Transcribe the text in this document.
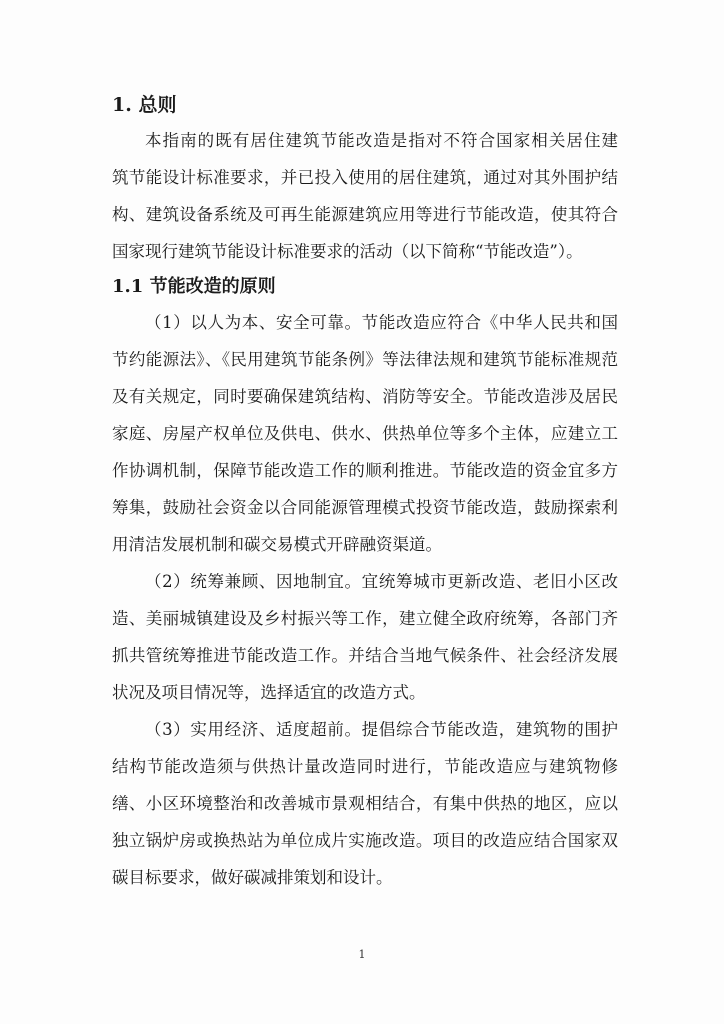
1. 总则
本指南的既有居住建筑节能改造是指对不符合国家相关居住建
筑节能设计标准要求，并已投入使用的居住建筑，通过对其外围护结
构、建筑设备系统及可再生能源建筑应用等进行节能改造，使其符合
国家现行建筑节能设计标准要求的活动（以下简称“节能改造”）。
1.1 节能改造的原则
（1）以人为本、安全可靠。节能改造应符合《中华人民共和国
节约能源法》、《民用建筑节能条例》等法律法规和建筑节能标准规范
及有关规定，同时要确保建筑结构、消防等安全。节能改造涉及居民
家庭、房屋产权单位及供电、供水、供热单位等多个主体，应建立工
作协调机制，保障节能改造工作的顺利推进。节能改造的资金宜多方
筹集，鼓励社会资金以合同能源管理模式投资节能改造，鼓励探索利
用清洁发展机制和碳交易模式开辟融资渠道。
（2）统筹兼顾、因地制宜。宜统筹城市更新改造、老旧小区改
造、美丽城镇建设及乡村振兴等工作，建立健全政府统筹，各部门齐
抓共管统筹推进节能改造工作。并结合当地气候条件、社会经济发展
状况及项目情况等，选择适宜的改造方式。
（3）实用经济、适度超前。提倡综合节能改造，建筑物的围护
结构节能改造须与供热计量改造同时进行，节能改造应与建筑物修
缮、小区环境整治和改善城市景观相结合，有集中供热的地区，应以
独立锅炉房或换热站为单位成片实施改造。项目的改造应结合国家双
碳目标要求，做好碳减排策划和设计。
1
